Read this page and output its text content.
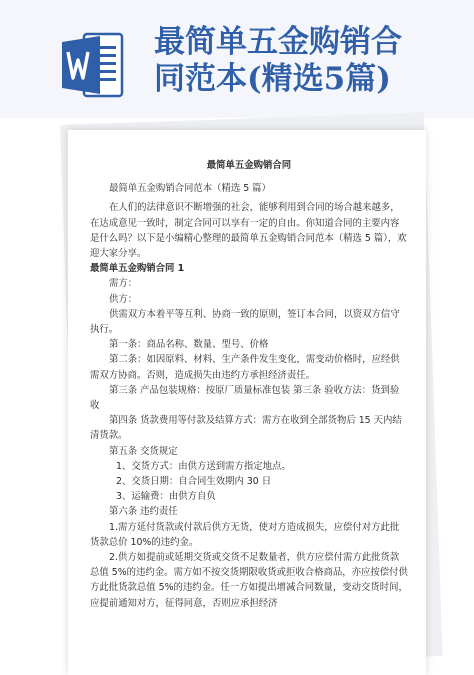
最简单五金购销合
同范本(精选5篇)

最简单五金购销合同

最简单五金购销合同范本（精选 5 篇）

在人们的法律意识不断增强的社会，能够利用到合同的场合越来越多，在达成意见一致时，制定合同可以享有一定的自由。你知道合同的主要内容是什么吗？以下是小编精心整理的最简单五金购销合同范本（精选 5 篇），欢迎大家分享。

最简单五金购销合同 1

需方：

供方：

供需双方本着平等互利、协商一致的原则，签订本合同，以资双方信守执行。

第一条：商品名称、数量、型号、价格

第二条：如因原料、材料、生产条件发生变化，需变动价格时，应经供需双方协商。否则，造成损失由违约方承担经济责任。

第三条 产品包装规格：按原厂质量标准包装 第三条 验收方法：货到验收

第四条 货款费用等付款及结算方式：需方在收到全部货物后 15 天内结清货款。

第五条 交货规定

1、交货方式：由供方送到需方指定地点。

2、交货日期：自合同生效期内 30 日

3、运输费：由供方自负

第六条 违约责任

1.需方延付货款或付款后供方无货，使对方造成损失，应偿付对方此批货款总价 10%的违约金。

2.供方如提前或延期交货或交货不足数量者，供方应偿付需方此批货款总值 5%的违约金。需方如不按交货期限收货或拒收合格商品，亦应按偿付供方此批货款总值 5%的违约金。任一方如提出增减合同数量，变动交货时间，应提前通知对方，征得同意，否则应承担经济
